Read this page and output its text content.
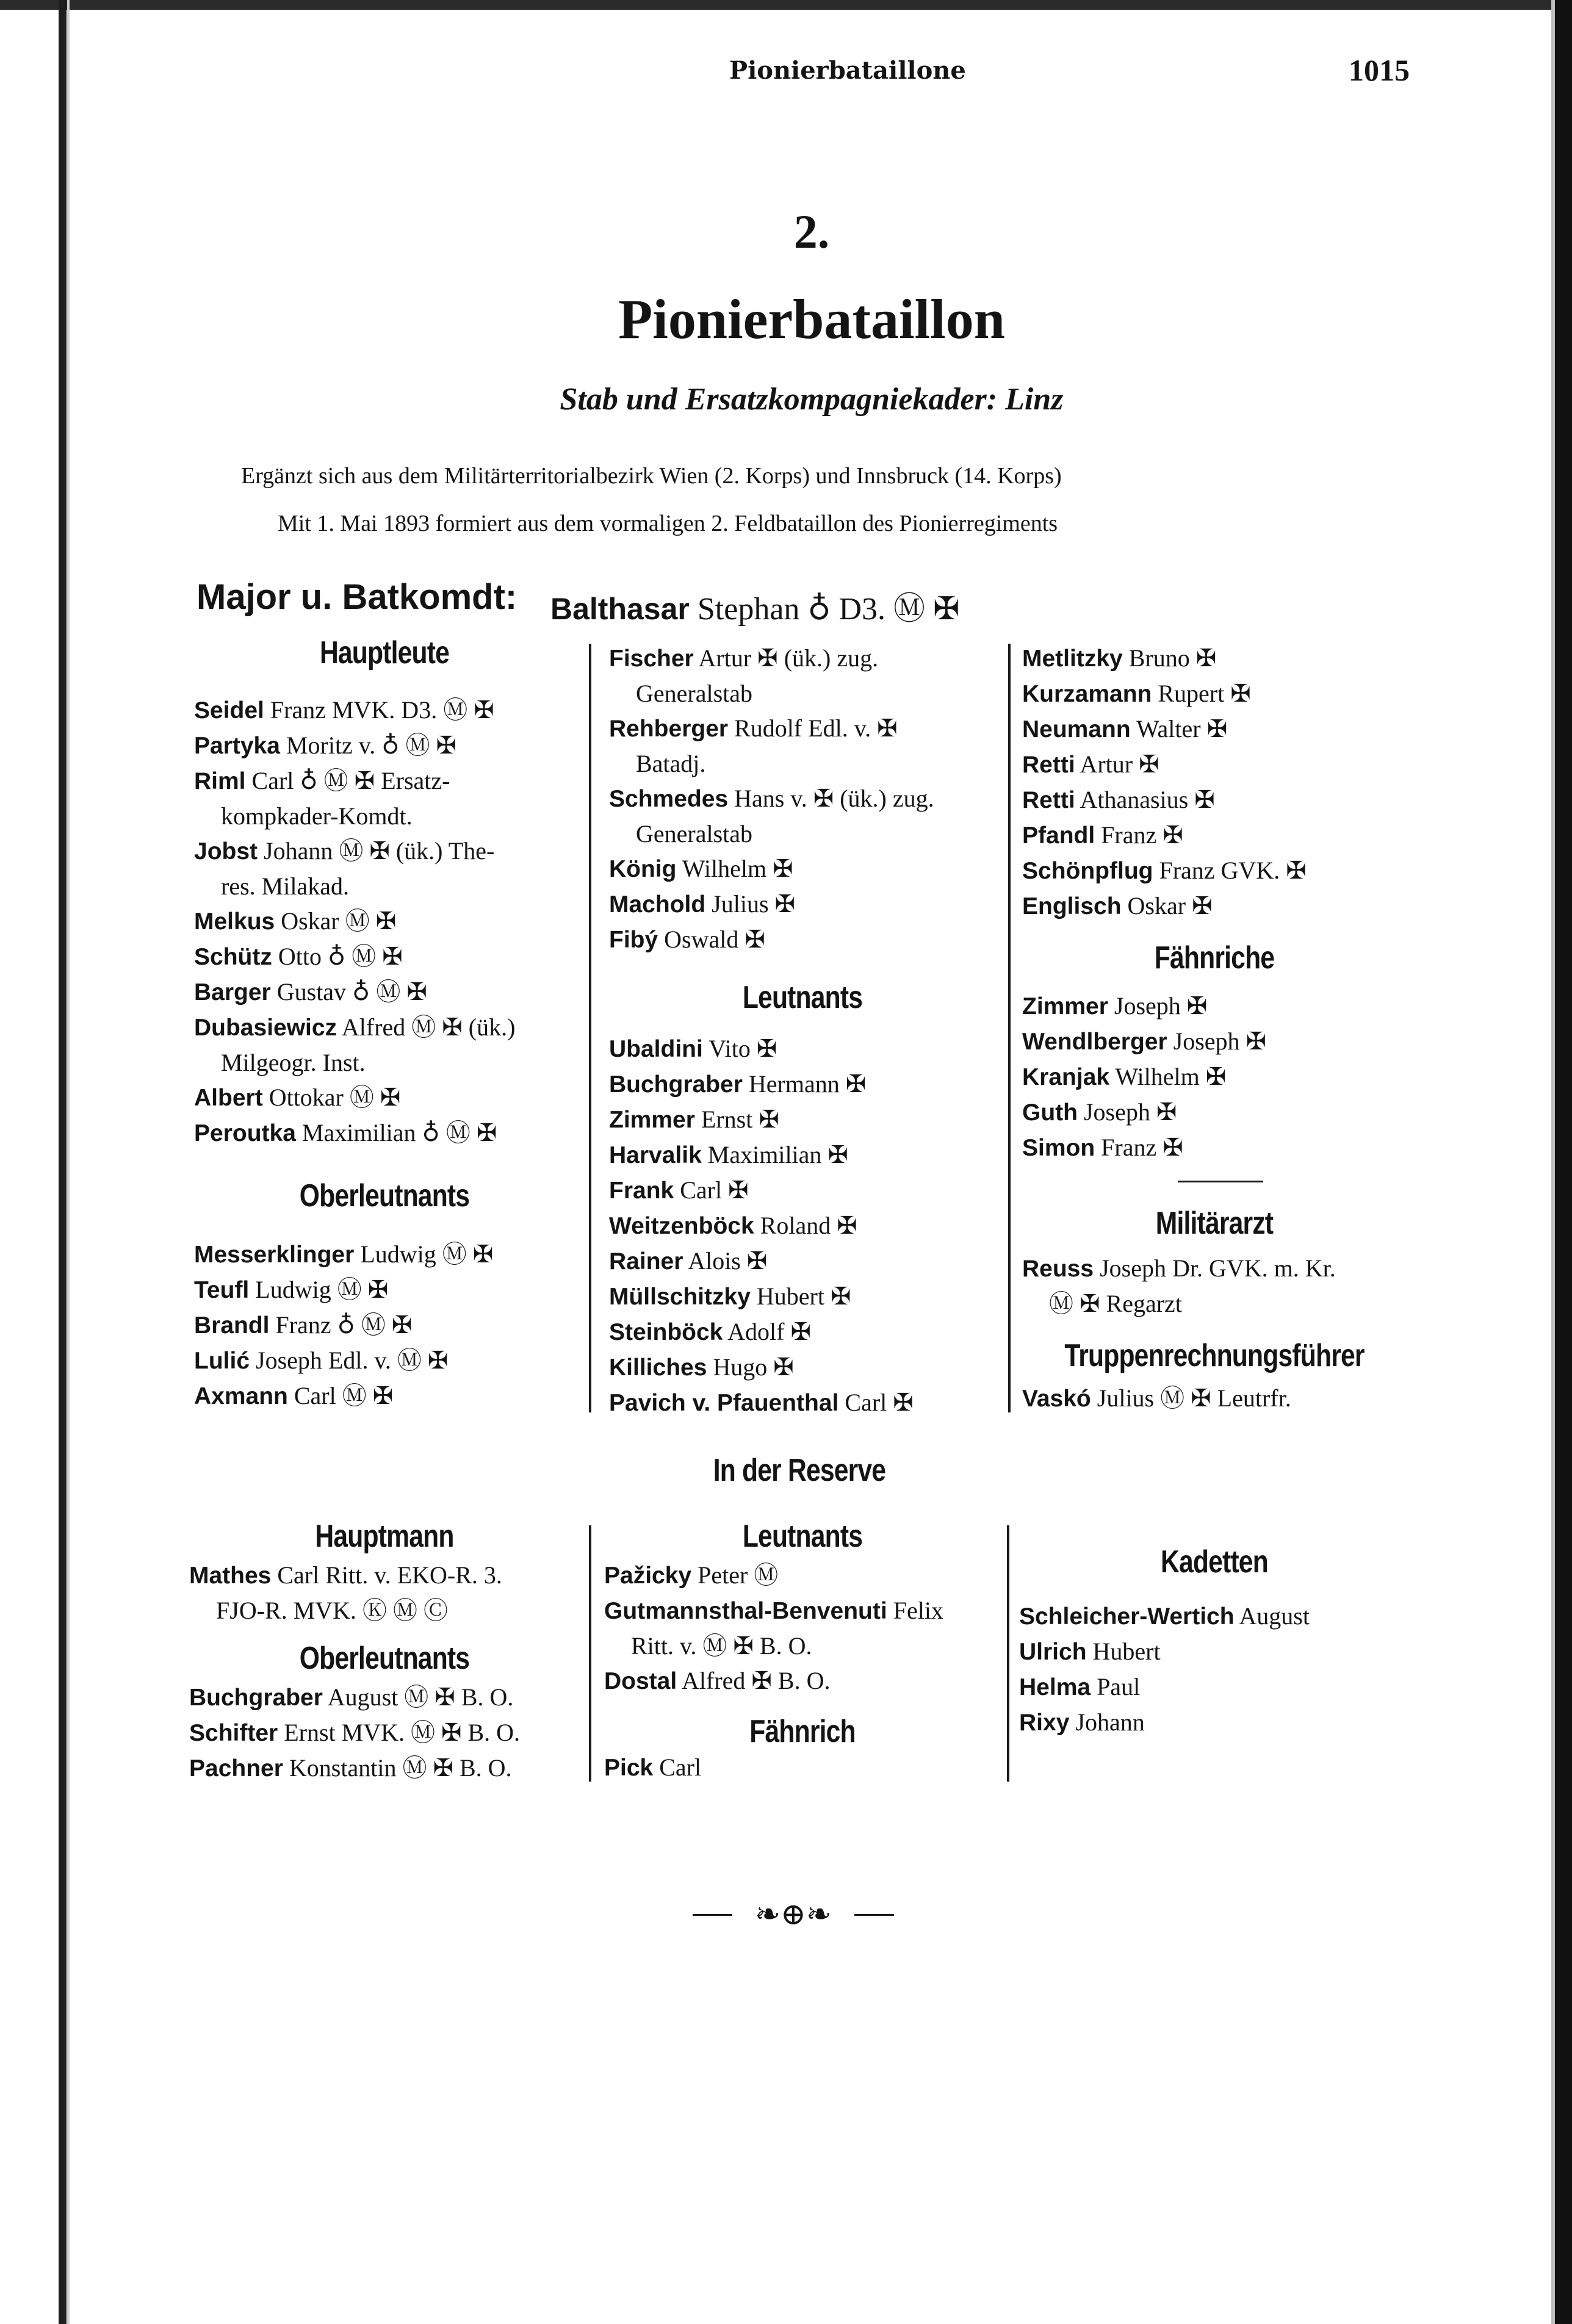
Pionierbataillone	1015
2.
Pionierbataillon
Stab und Ersatzkompagniekader: Linz
Ergänzt sich aus dem Militärterritorialbezirk Wien (2. Korps) und Innsbruck (14. Korps)
Mit 1. Mai 1893 formiert aus dem vormaligen 2. Feldbataillon des Pionierregiments
Major u. Batkomdt: Balthasar Stephan ♁ D3. Ⓜ ✠
Hauptleute
Seidel Franz MVK. D3. Ⓜ ✠
Partyka Moritz v. ♁ Ⓜ ✠
Riml Carl ♁ Ⓜ ✠ Ersatz-
kompkader-Komdt.
Jobst Johann Ⓜ ✠ (ük.) The-
res. Milakad.
Melkus Oskar Ⓜ ✠
Schütz Otto ♁ Ⓜ ✠
Barger Gustav ♁ Ⓜ ✠
Dubasiewicz Alfred Ⓜ ✠ (ük.)
Milgeogr. Inst.
Albert Ottokar Ⓜ ✠
Peroutka Maximilian ♁ Ⓜ ✠
Oberleutnants
Messerklinger Ludwig Ⓜ ✠
Teufl Ludwig Ⓜ ✠
Brandl Franz ♁ Ⓜ ✠
Lulić Joseph Edl. v. Ⓜ ✠
Axmann Carl Ⓜ ✠
Fischer Artur ✠ (ük.) zug.
Generalstab
Rehberger Rudolf Edl. v. ✠
Batadj.
Schmedes Hans v. ✠ (ük.) zug.
Generalstab
König Wilhelm ✠
Machold Julius ✠
Fibý Oswald ✠
Leutnants
Ubaldini Vito ✠
Buchgraber Hermann ✠
Zimmer Ernst ✠
Harvalik Maximilian ✠
Frank Carl ✠
Weitzenböck Roland ✠
Rainer Alois ✠
Müllschitzky Hubert ✠
Steinböck Adolf ✠
Killiches Hugo ✠
Pavich v. Pfauenthal Carl ✠
Metlitzky Bruno ✠
Kurzamann Rupert ✠
Neumann Walter ✠
Retti Artur ✠
Retti Athanasius ✠
Pfandl Franz ✠
Schönpflug Franz GVK. ✠
Englisch Oskar ✠
Fähnriche
Zimmer Joseph ✠
Wendlberger Joseph ✠
Kranjak Wilhelm ✠
Guth Joseph ✠
Simon Franz ✠
Militärarzt
Reuss Joseph Dr. GVK. m. Kr.
Ⓜ ✠ Regarzt
Truppenrechnungsführer
Vaskó Julius Ⓜ ✠ Leutrfr.
In der Reserve
Hauptmann
Mathes Carl Ritt. v. EKO-R. 3.
FJO-R. MVK. Ⓚ Ⓜ Ⓒ
Oberleutnants
Buchgraber August Ⓜ ✠ B. O.
Schifter Ernst MVK. Ⓜ ✠ B. O.
Pachner Konstantin Ⓜ ✠ B. O.
Leutnants
Pažicky Peter Ⓜ
Gutmannsthal-Benvenuti Felix
Ritt. v. Ⓜ ✠ B. O.
Dostal Alfred ✠ B. O.
Fähnrich
Pick Carl
Kadetten
Schleicher-Wertich August
Ulrich Hubert
Helma Paul
Rixy Johann
❧⊕❧
